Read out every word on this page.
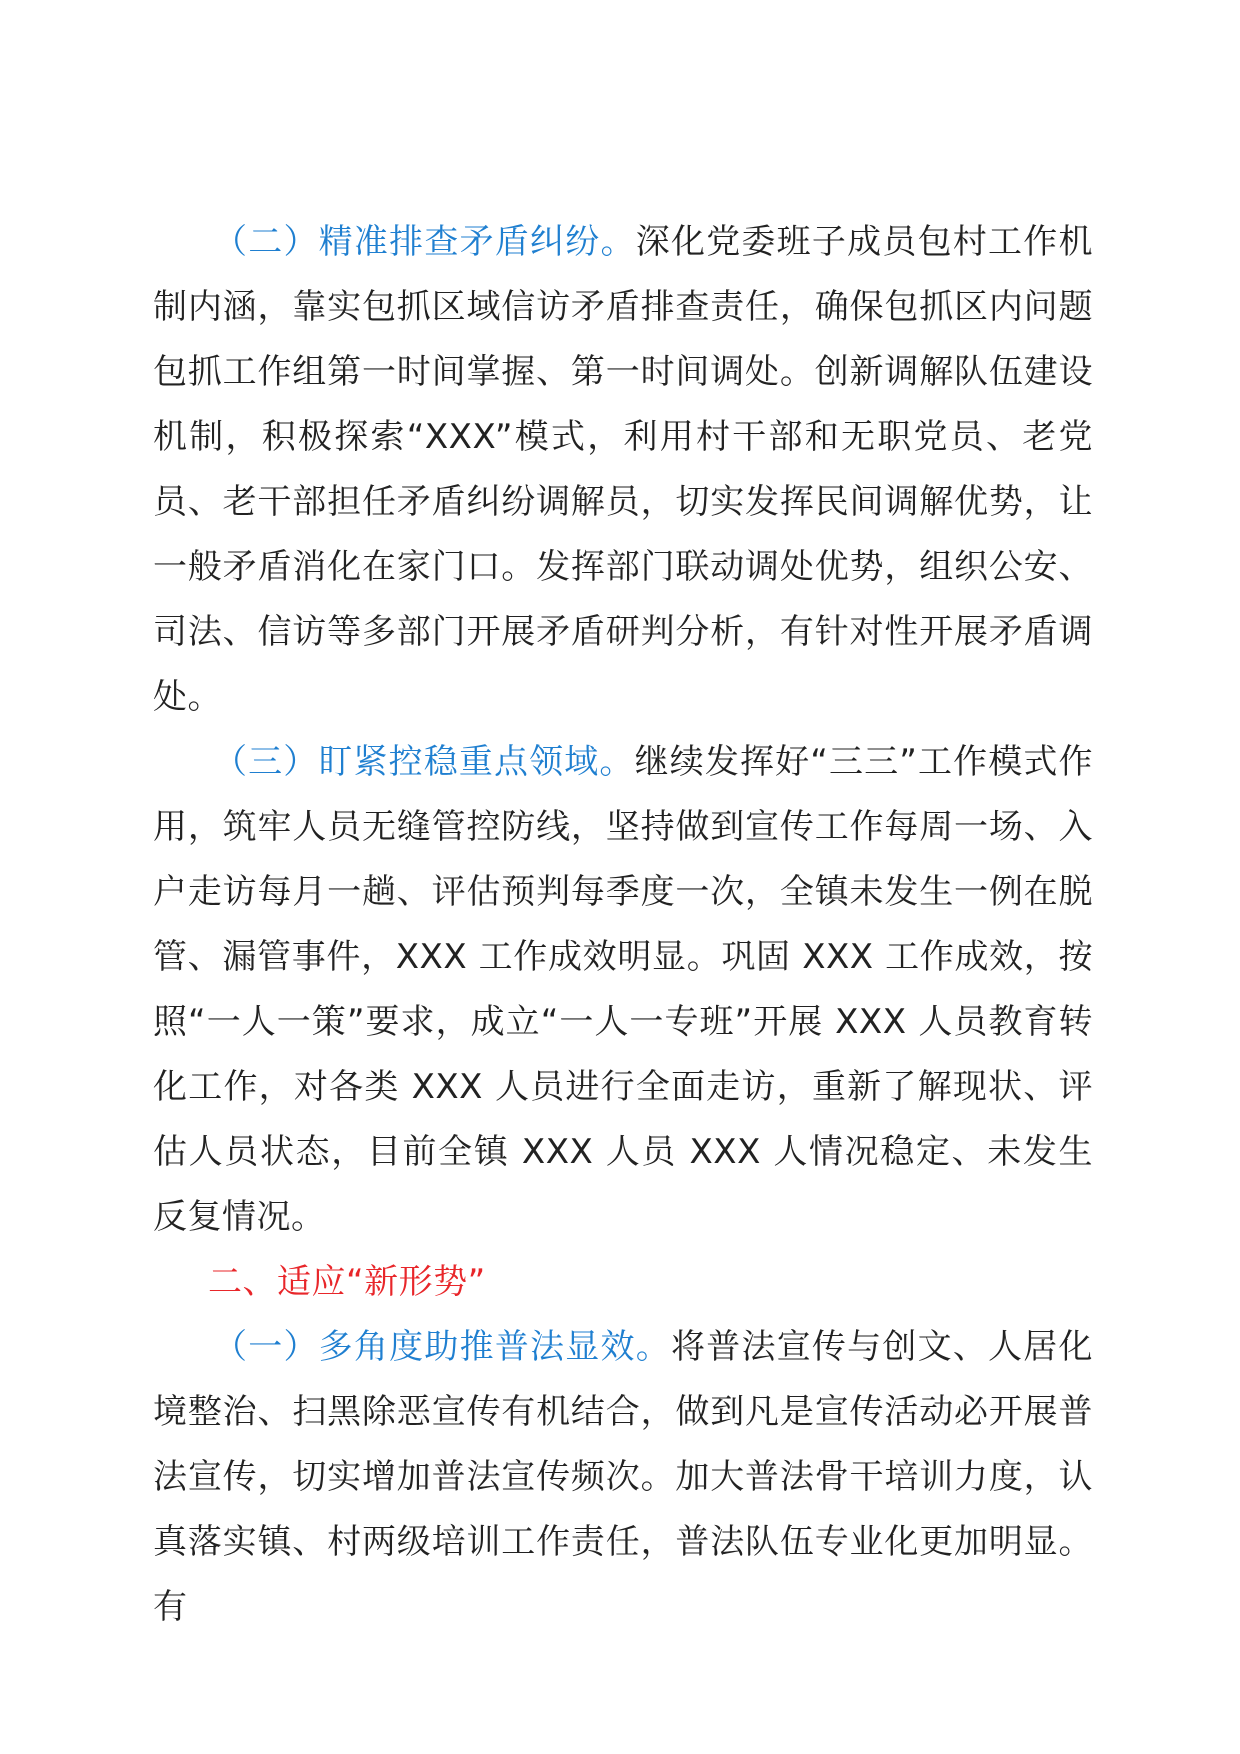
（二）精准排查矛盾纠纷。深化党委班子成员包村工作机制内涵，靠实包抓区域信访矛盾排查责任，确保包抓区内问题包抓工作组第一时间掌握、第一时间调处。创新调解队伍建设机制，积极探索“XXX”模式，利用村干部和无职党员、老党员、老干部担任矛盾纠纷调解员，切实发挥民间调解优势，让一般矛盾消化在家门口。发挥部门联动调处优势，组织公安、司法、信访等多部门开展矛盾研判分析，有针对性开展矛盾调处。

（三）盯紧控稳重点领域。继续发挥好“三三”工作模式作用，筑牢人员无缝管控防线，坚持做到宣传工作每周一场、入户走访每月一趟、评估预判每季度一次，全镇未发生一例在脱管、漏管事件，XXX 工作成效明显。巩固 XXX 工作成效，按照“一人一策”要求，成立“一人一专班”开展 XXX 人员教育转化工作，对各类 XXX 人员进行全面走访，重新了解现状、评估人员状态，目前全镇 XXX 人员 XXX 人情况稳定、未发生反复情况。

二、适应“新形势”

（一）多角度助推普法显效。将普法宣传与创文、人居化境整治、扫黑除恶宣传有机结合，做到凡是宣传活动必开展普法宣传，切实增加普法宣传频次。加大普法骨干培训力度，认真落实镇、村两级培训工作责任，普法队伍专业化更加明显。有
